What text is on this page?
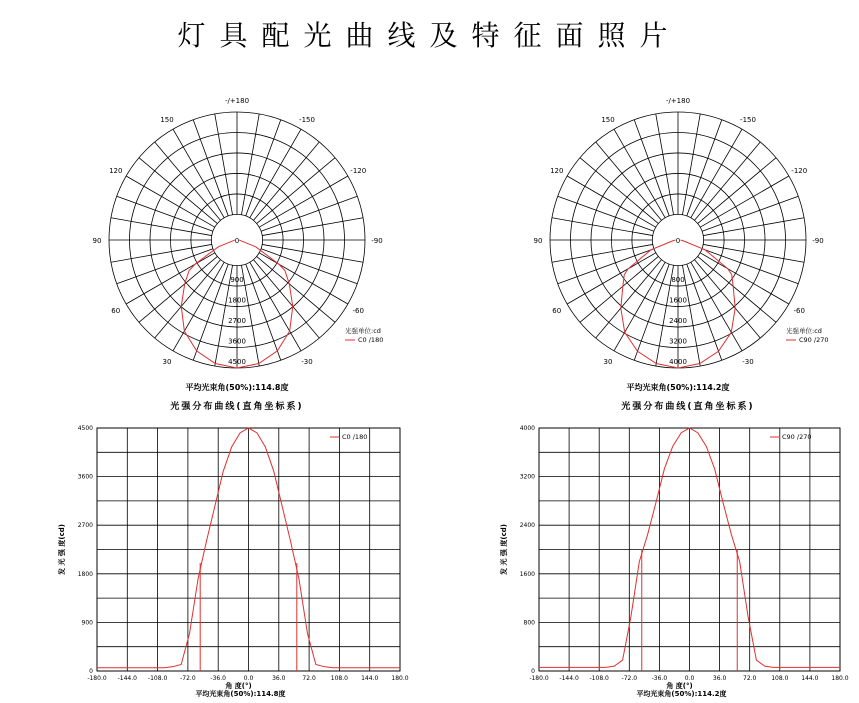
灯具配光曲线及特征面照片
-/+180
-150
150
-120
120
-90
90
-60
60
-30
30
0
900
1800
2700
3600
4500
光强单位:cd
C0 /180
平均光束角(50%):114.8度
-/+180
-150
150
-120
120
-90
90
-60
60
-30
30
0
800
1600
2400
3200
4000
光强单位:cd
C90 /270
平均光束角(50%):114.2度
光强分布曲线(直角坐标系)	光强分布曲线(直角坐标系)
-180.0 -144.0 -108.0 -72.0 -36.0	0.0	36.0	72.0	108.0 144.0 180.0
0
900
1800
2700
3600
4500
角 度(°)
发 光 强 度(cd)
平均光束角(50%):114.8度
C0 /180
-180.0 -144.0 -108.0 -72.0 -36.0	0.0	36.0	72.0 108.0 144.0 180.0
0
800
1600
2400
3200
4000
角 度(°)
发 光 强 度(cd)
平均光束角(50%):114.2度
C90 /270
